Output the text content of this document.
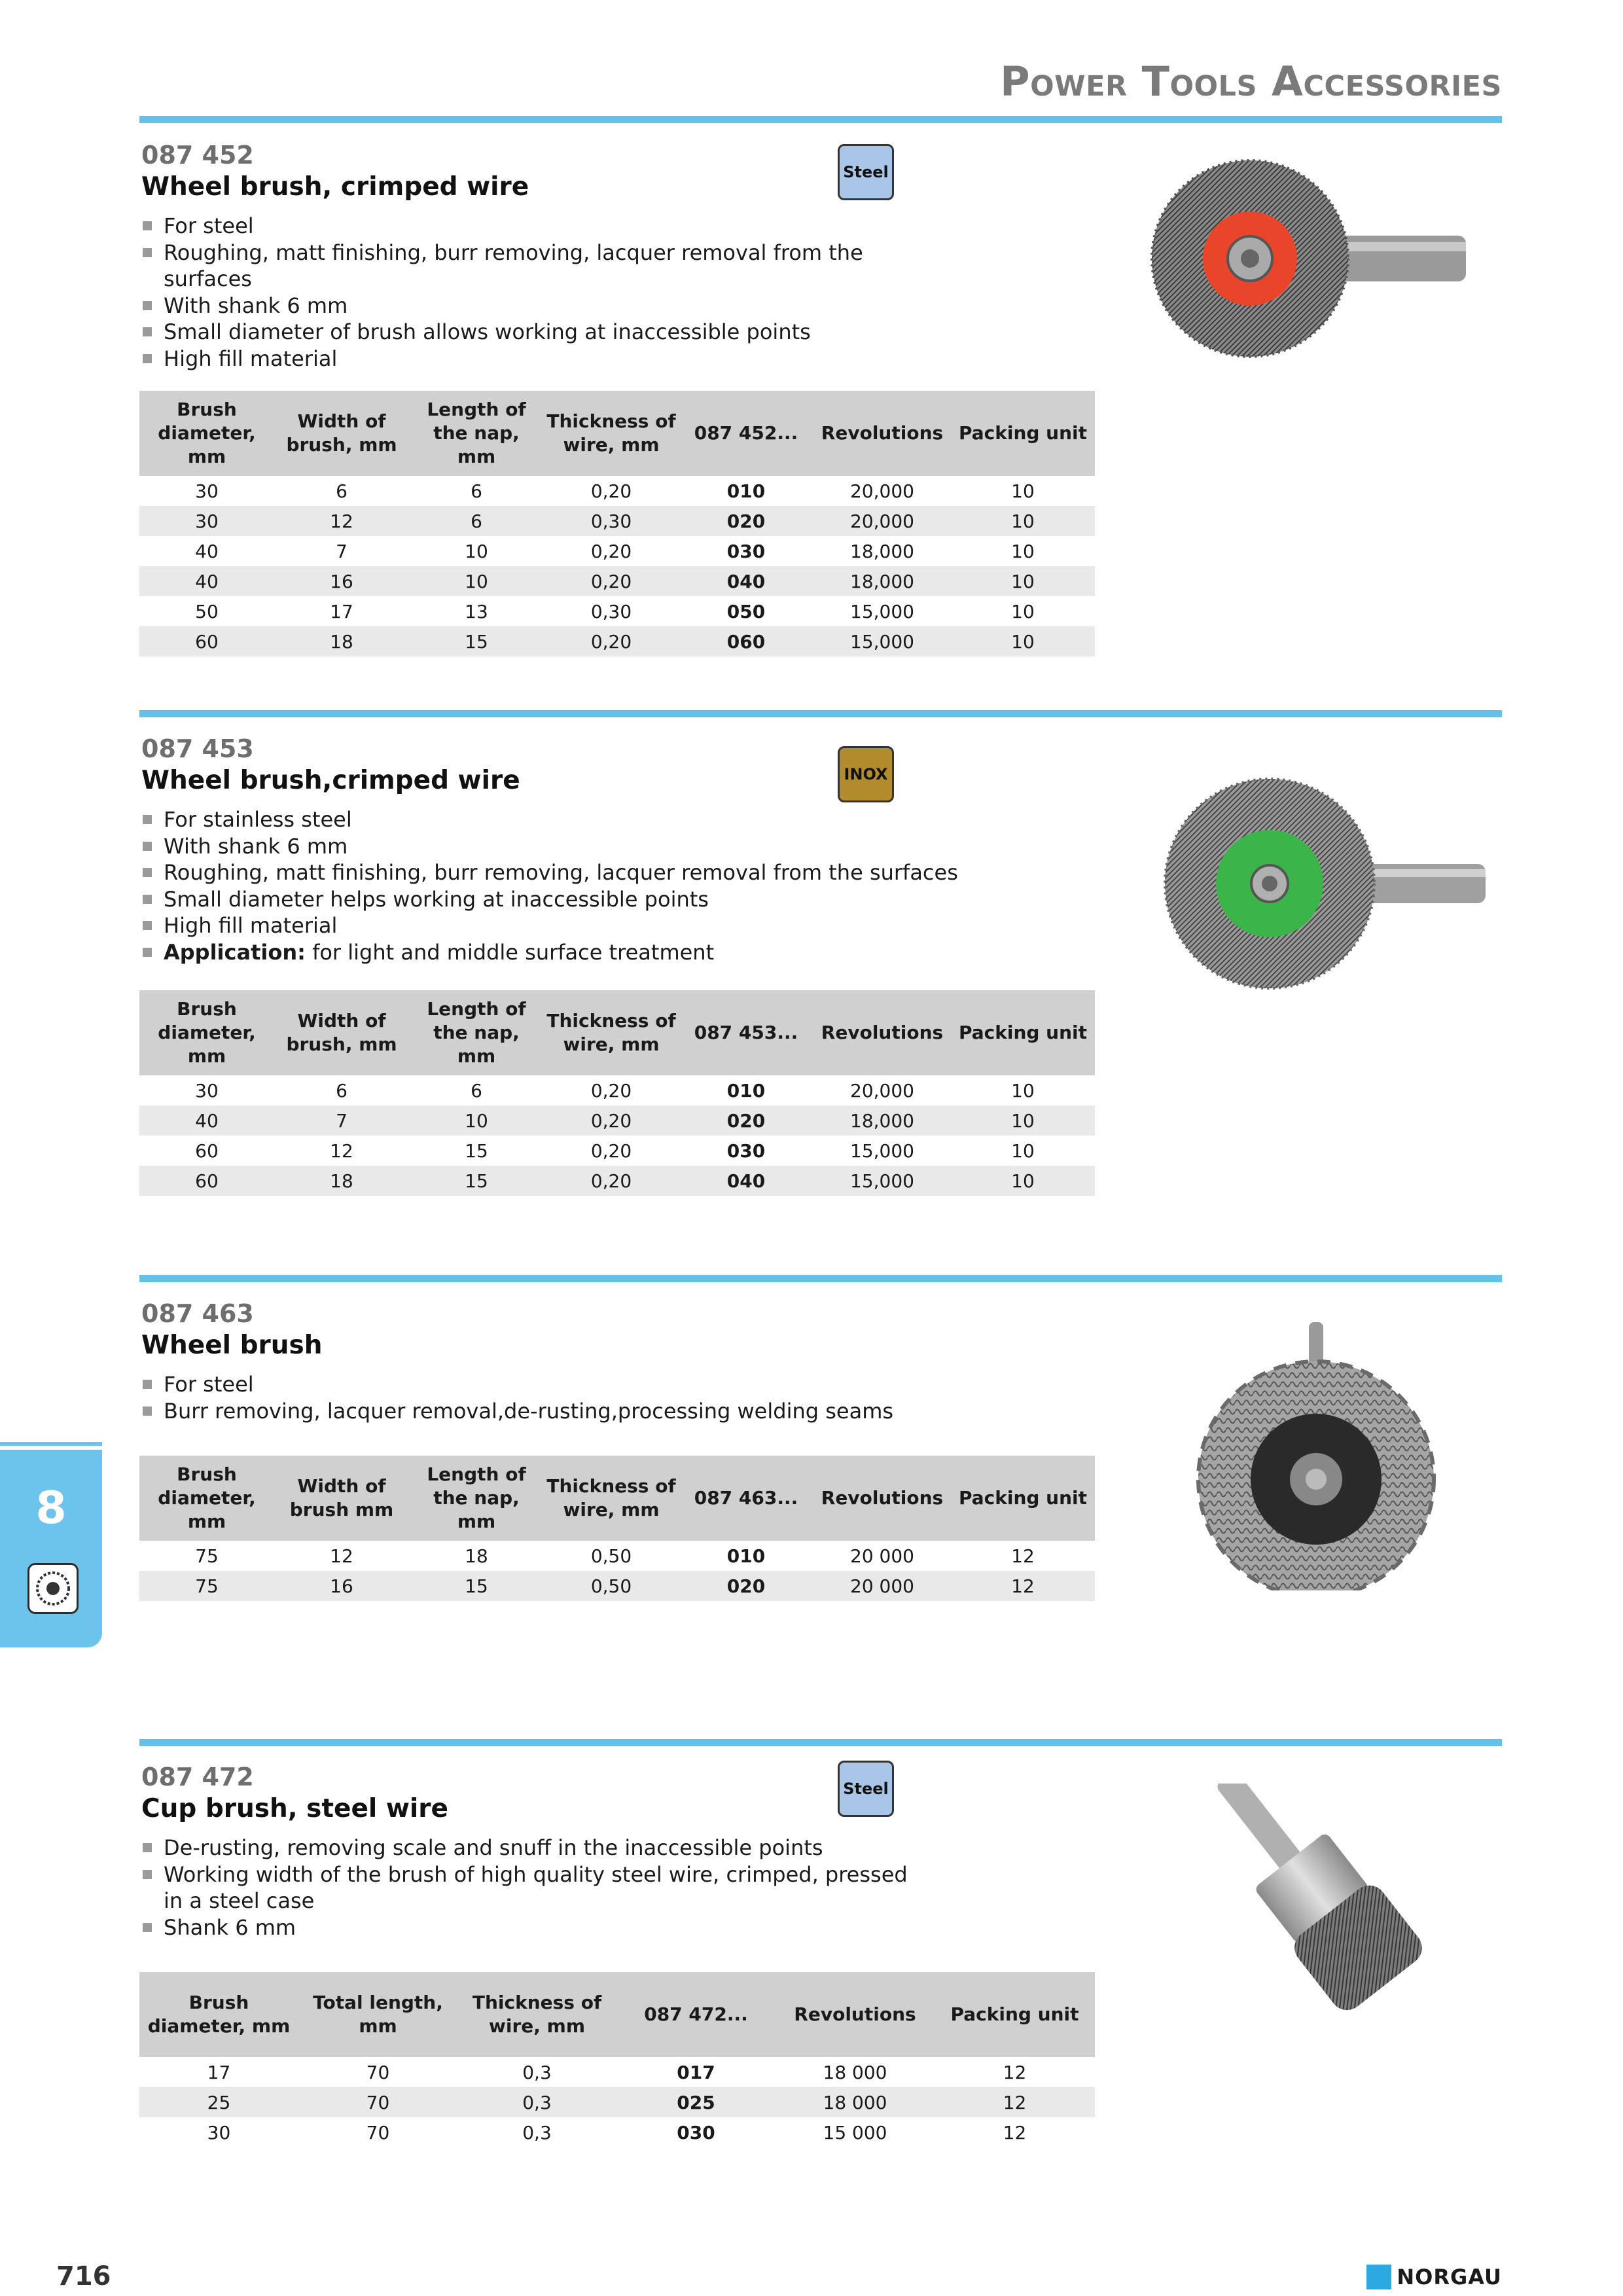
Power Tools Accessories
087 452
Wheel brush, crimped wire	Steel
For steel
Roughing, matt finishing, burr removing, lacquer removal from the surfaces
With shank 6 mm
Small diameter of brush allows working at inaccessible points
High fill material
Brush diameter, mm	Width of brush, mm	Length of the nap, mm	Thickness of wire, mm	087 452...	Revolutions	Packing unit
30	6	6	0,20	010	20,000	10
30	12	6	0,30	020	20,000	10
40	7	10	0,20	030	18,000	10
40	16	10	0,20	040	18,000	10
50	17	13	0,30	050	15,000	10
60	18	15	0,20	060	15,000	10
087 453
Wheel brush,crimped wire	INOX
For stainless steel
With shank 6 mm
Roughing, matt finishing, burr removing, lacquer removal from the surfaces
Small diameter helps working at inaccessible points
High fill material
Application: for light and middle surface treatment
Brush diameter, mm	Width of brush, mm	Length of the nap, mm	Thickness of wire, mm	087 453...	Revolutions	Packing unit
30	6	6	0,20	010	20,000	10
40	7	10	0,20	020	18,000	10
60	12	15	0,20	030	15,000	10
60	18	15	0,20	040	15,000	10
087 463
Wheel brush
For steel
Burr removing, lacquer removal,de-rusting,processing welding seams
Brush diameter, mm	Width of brush mm	Length of the nap, mm	Thickness of wire, mm	087 463...	Revolutions	Packing unit
75	12	18	0,50	010	20 000	12
75	16	15	0,50	020	20 000	12
087 472
Cup brush, steel wire
Steel
De-rusting, removing scale and snuff in the inaccessible points
Working width of the brush of high quality steel wire, crimped, pressed in a steel case
Shank 6 mm
Brush diameter, mm	Total length, mm	Thickness of wire, mm	087 472...	Revolutions	Packing unit
17	70	0,3	017	18 000	12
25	70	0,3	025	18 000	12
30	70	0,3	030	15 000	12
8
716	NORGAU
